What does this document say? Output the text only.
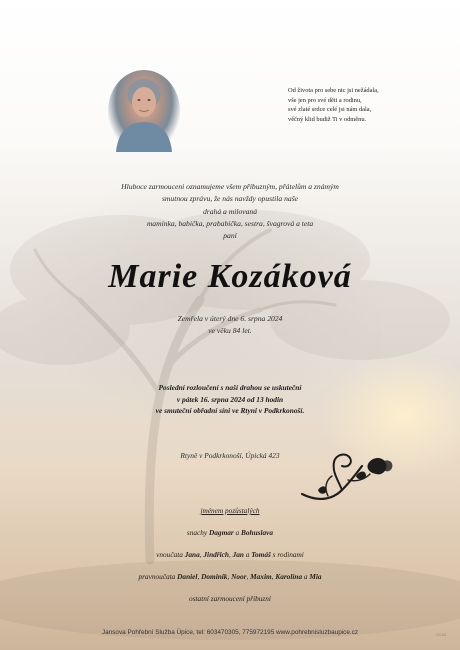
Od života pro sebe nic jsi nežádala,
vše jen pro své děti a rodinu,
své zlaté srdce celé jsi nám dala,
věčný klid budiž Ti v odměnu.
Hluboce zarmouceni oznamujeme všem příbuzným, přátelům a známým
smutnou zprávu, že nás navždy opustila naše
drahá a milovaná
maminka, babička, prababička, sestra, švagrová a teta
paní
Marie Kozáková
Zemřela v úterý dne 6. srpna 2024
ve věku 84 let.
Poslední rozloučení s naší drahou se uskuteční
v pátek 16. srpna 2024 od 13 hodin
ve smuteční obřadní síni ve Rtyni v Podkrkonoší.
Rtyně v Podkrkonoší, Úpická 423
jménem pozůstalých
snachy Dagmar a Bohuslava
vnoučata Jana, Jindřich, Jan a Tomáš s rodinami
pravnoučata Daniel, Dominik, Noor, Maxim, Karolína a Mia
ostatní zarmoucení příbuzní
Jansova Pohřební Služba Úpice, tel: 603470305, 775972195 www.pohrebnisluzbaupice.cz	GC63
